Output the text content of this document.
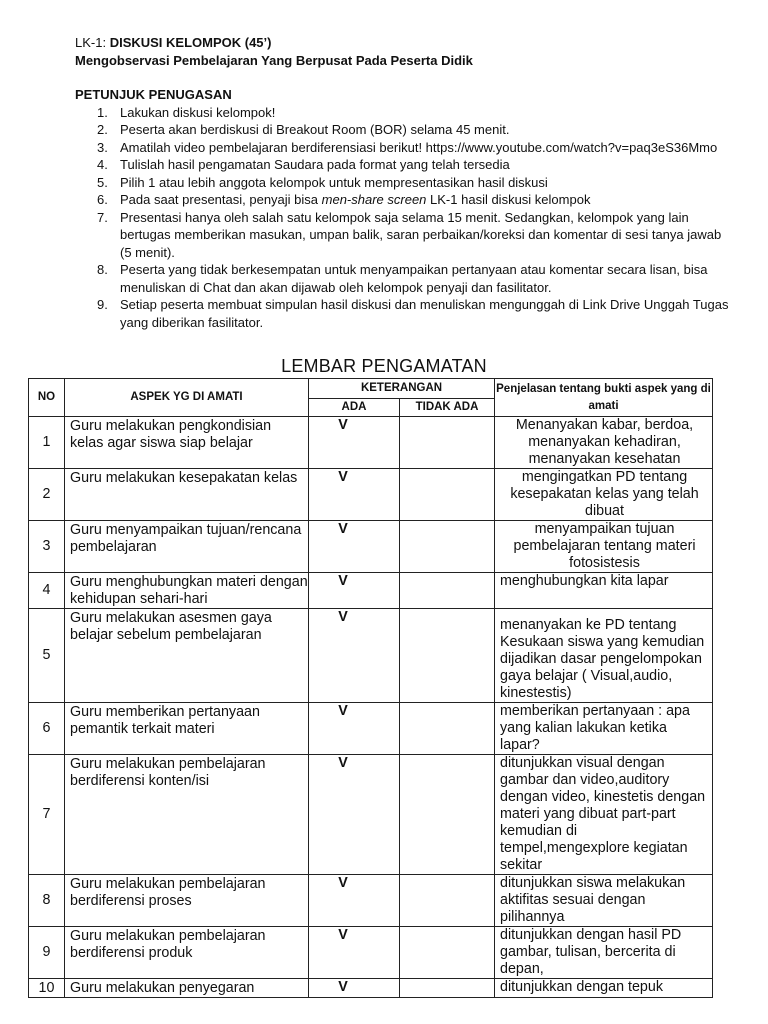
LK-1: DISKUSI KELOMPOK (45’)
Mengobservasi Pembelajaran Yang Berpusat Pada Peserta Didik
PETUNJUK PENUGASAN
1. Lakukan diskusi kelompok!
2. Peserta akan berdiskusi di Breakout Room (BOR) selama 45 menit.
3. Amatilah video pembelajaran berdiferensiasi berikut! https://www.youtube.com/watch?v=paq3eS36Mmo
4. Tulislah hasil pengamatan Saudara pada format yang telah tersedia
5. Pilih 1 atau lebih anggota kelompok untuk mempresentasikan hasil diskusi
6. Pada saat presentasi, penyaji bisa men-share screen LK-1 hasil diskusi kelompok
7. Presentasi hanya oleh salah satu kelompok saja selama 15 menit. Sedangkan, kelompok yang lain bertugas memberikan masukan, umpan balik, saran perbaikan/koreksi dan komentar di sesi tanya jawab (5 menit).
8. Peserta yang tidak berkesempatan untuk menyampaikan pertanyaan atau komentar secara lisan, bisa menuliskan di Chat dan akan dijawab oleh kelompok penyaji dan fasilitator.
9. Setiap peserta membuat simpulan hasil diskusi dan menuliskan mengunggah di Link Drive Unggah Tugas yang diberikan fasilitator.
LEMBAR PENGAMATAN
NO	ASPEK YG DI AMATI	KETERANGAN		Penjelasan tentang bukti aspek yang di amati
		ADA	TIDAK ADA	
1	Guru melakukan pengkondisian kelas agar siswa siap belajar	V		Menanyakan kabar, berdoa, menanyakan kehadiran, menanyakan kesehatan
2	Guru melakukan kesepakatan kelas	V		mengingatkan PD tentang kesepakatan kelas yang telah dibuat
3	Guru menyampaikan tujuan/rencana pembelajaran	V		menyampaikan tujuan pembelajaran tentang materi fotosistesis
4	Guru menghubungkan materi dengan kehidupan sehari-hari	V		menghubungkan kita lapar
5	Guru melakukan asesmen gaya belajar sebelum pembelajaran	V		menanyakan ke PD tentang Kesukaan siswa yang kemudian dijadikan dasar pengelompokan gaya belajar ( Visual,audio, kinestestis)
6	Guru memberikan pertanyaan pemantik terkait materi	V		memberikan pertanyaan : apa yang kalian lakukan ketika lapar?
7	Guru melakukan pembelajaran berdiferensi konten/isi	V		ditunjukkan visual dengan gambar dan video,auditory dengan video, kinestetis dengan materi yang dibuat part-part kemudian di tempel,mengexplore kegiatan sekitar
8	Guru melakukan pembelajaran berdiferensi proses	V		ditunjukkan siswa melakukan aktifitas sesuai dengan pilihannya
9	Guru melakukan pembelajaran berdiferensi produk	V		ditunjukkan dengan hasil PD gambar, tulisan, bercerita di depan,
10	Guru melakukan penyegaran	V		ditunjukkan dengan tepuk
